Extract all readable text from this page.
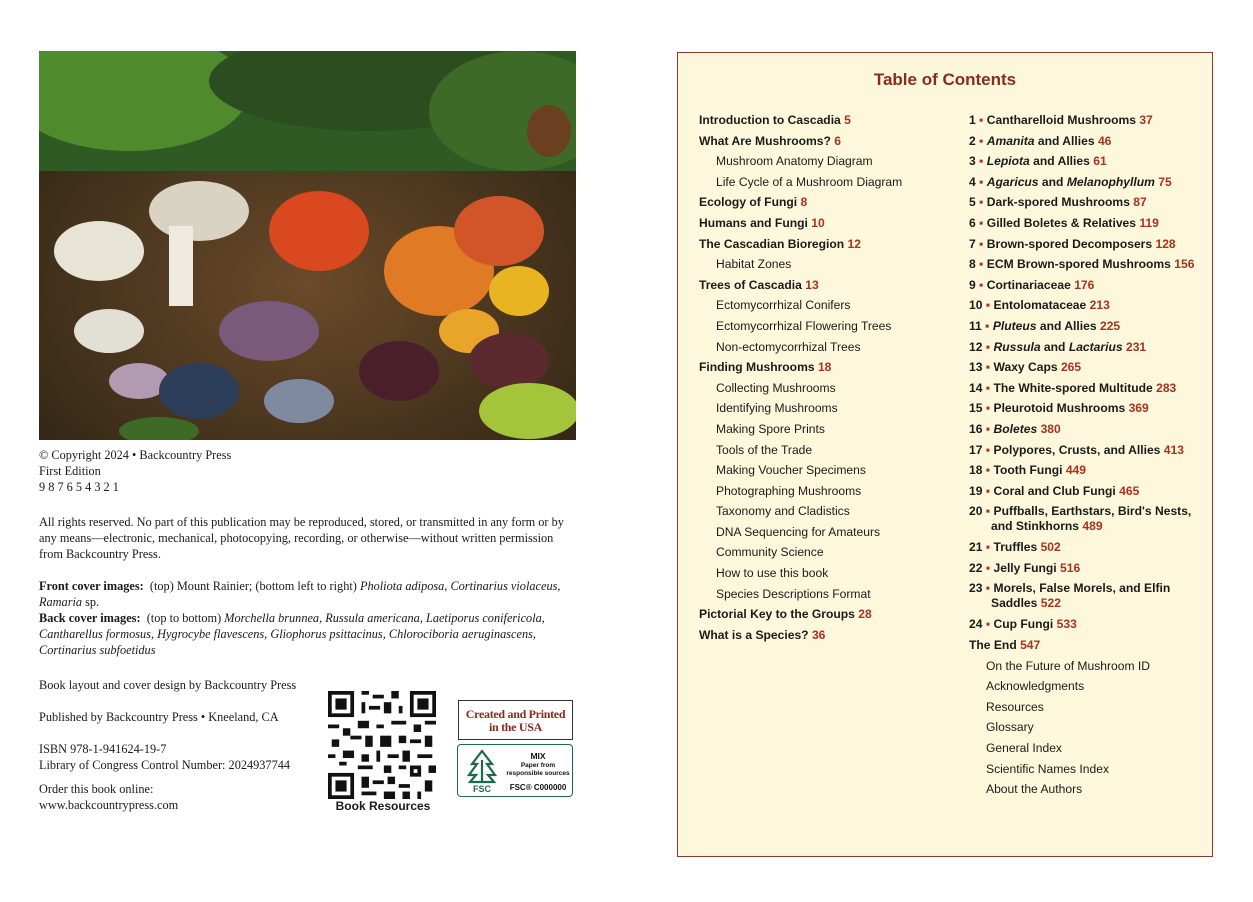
© Copyright 2024 • Backcountry Press
First Edition
9 8 7 6 5 4 3 2 1
All rights reserved. No part of this publication may be reproduced, stored, or transmitted in any form or by any means—electronic, mechanical, photocopying, recording, or otherwise—without written permission from Backcountry Press.
Front cover images: (top) Mount Rainier; (bottom left to right) Pholiota adiposa, Cortinarius violaceus, Ramaria sp.
Back cover images: (top to bottom) Morchella brunnea, Russula americana, Laetiporus conifericola, Cantharellus formosus, Hygrocybe flavescens, Gliophorus psittacinus, Chlorociboria aeruginascens, Cortinarius subfoetidus

Book layout and cover design by Backcountry Press

Published by Backcountry Press • Kneeland, CA

ISBN 978-1-941624-19-7
Library of Congress Control Number: 2024937744

Order this book online:
www.backcountrypress.com	Book Resources
Created and Printed
in the USA
FSC
MIX
Paper from responsible sources
FSC® C000000
Table of Contents
Introduction to Cascadia 5
What Are Mushrooms? 6
Mushroom Anatomy Diagram
Life Cycle of a Mushroom Diagram
Ecology of Fungi 8
Humans and Fungi 10
The Cascadian Bioregion 12
Habitat Zones
Trees of Cascadia 13
Ectomycorrhizal Conifers
Ectomycorrhizal Flowering Trees
Non-ectomycorrhizal Trees
Finding Mushrooms 18
Collecting Mushrooms
Identifying Mushrooms
Making Spore Prints
Tools of the Trade
Making Voucher Specimens
Photographing Mushrooms
Taxonomy and Cladistics
DNA Sequencing for Amateurs
Community Science
How to use this book
Species Descriptions Format
Pictorial Key to the Groups 28
What is a Species? 36
1 ▪ Cantharelloid Mushrooms 37
2 ▪ Amanita and Allies 46
3 ▪ Lepiota and Allies 61
4 ▪ Agaricus and Melanophyllum 75
5 ▪ Dark-spored Mushrooms 87
6 ▪ Gilled Boletes & Relatives 119
7 ▪ Brown-spored Decomposers 128
8 ▪ ECM Brown-spored Mushrooms 156
9 ▪ Cortinariaceae 176
10 ▪ Entolomataceae 213
11 ▪ Pluteus and Allies 225
12 ▪ Russula and Lactarius 231
13 ▪ Waxy Caps 265
14 ▪ The White-spored Multitude 283
15 ▪ Pleurotoid Mushrooms 369
16 ▪ Boletes 380
17 ▪ Polypores, Crusts, and Allies 413
18 ▪ Tooth Fungi 449
19 ▪ Coral and Club Fungi 465
20 ▪ Puffballs, Earthstars, Bird's Nests,
and Stinkhorns 489
21 ▪ Truffles 502
22 ▪ Jelly Fungi 516
23 ▪ Morels, False Morels, and Elfin
Saddles 522
24 ▪ Cup Fungi 533
The End 547
On the Future of Mushroom ID
Acknowledgments
Resources
Glossary
General Index
Scientific Names Index
About the Authors
